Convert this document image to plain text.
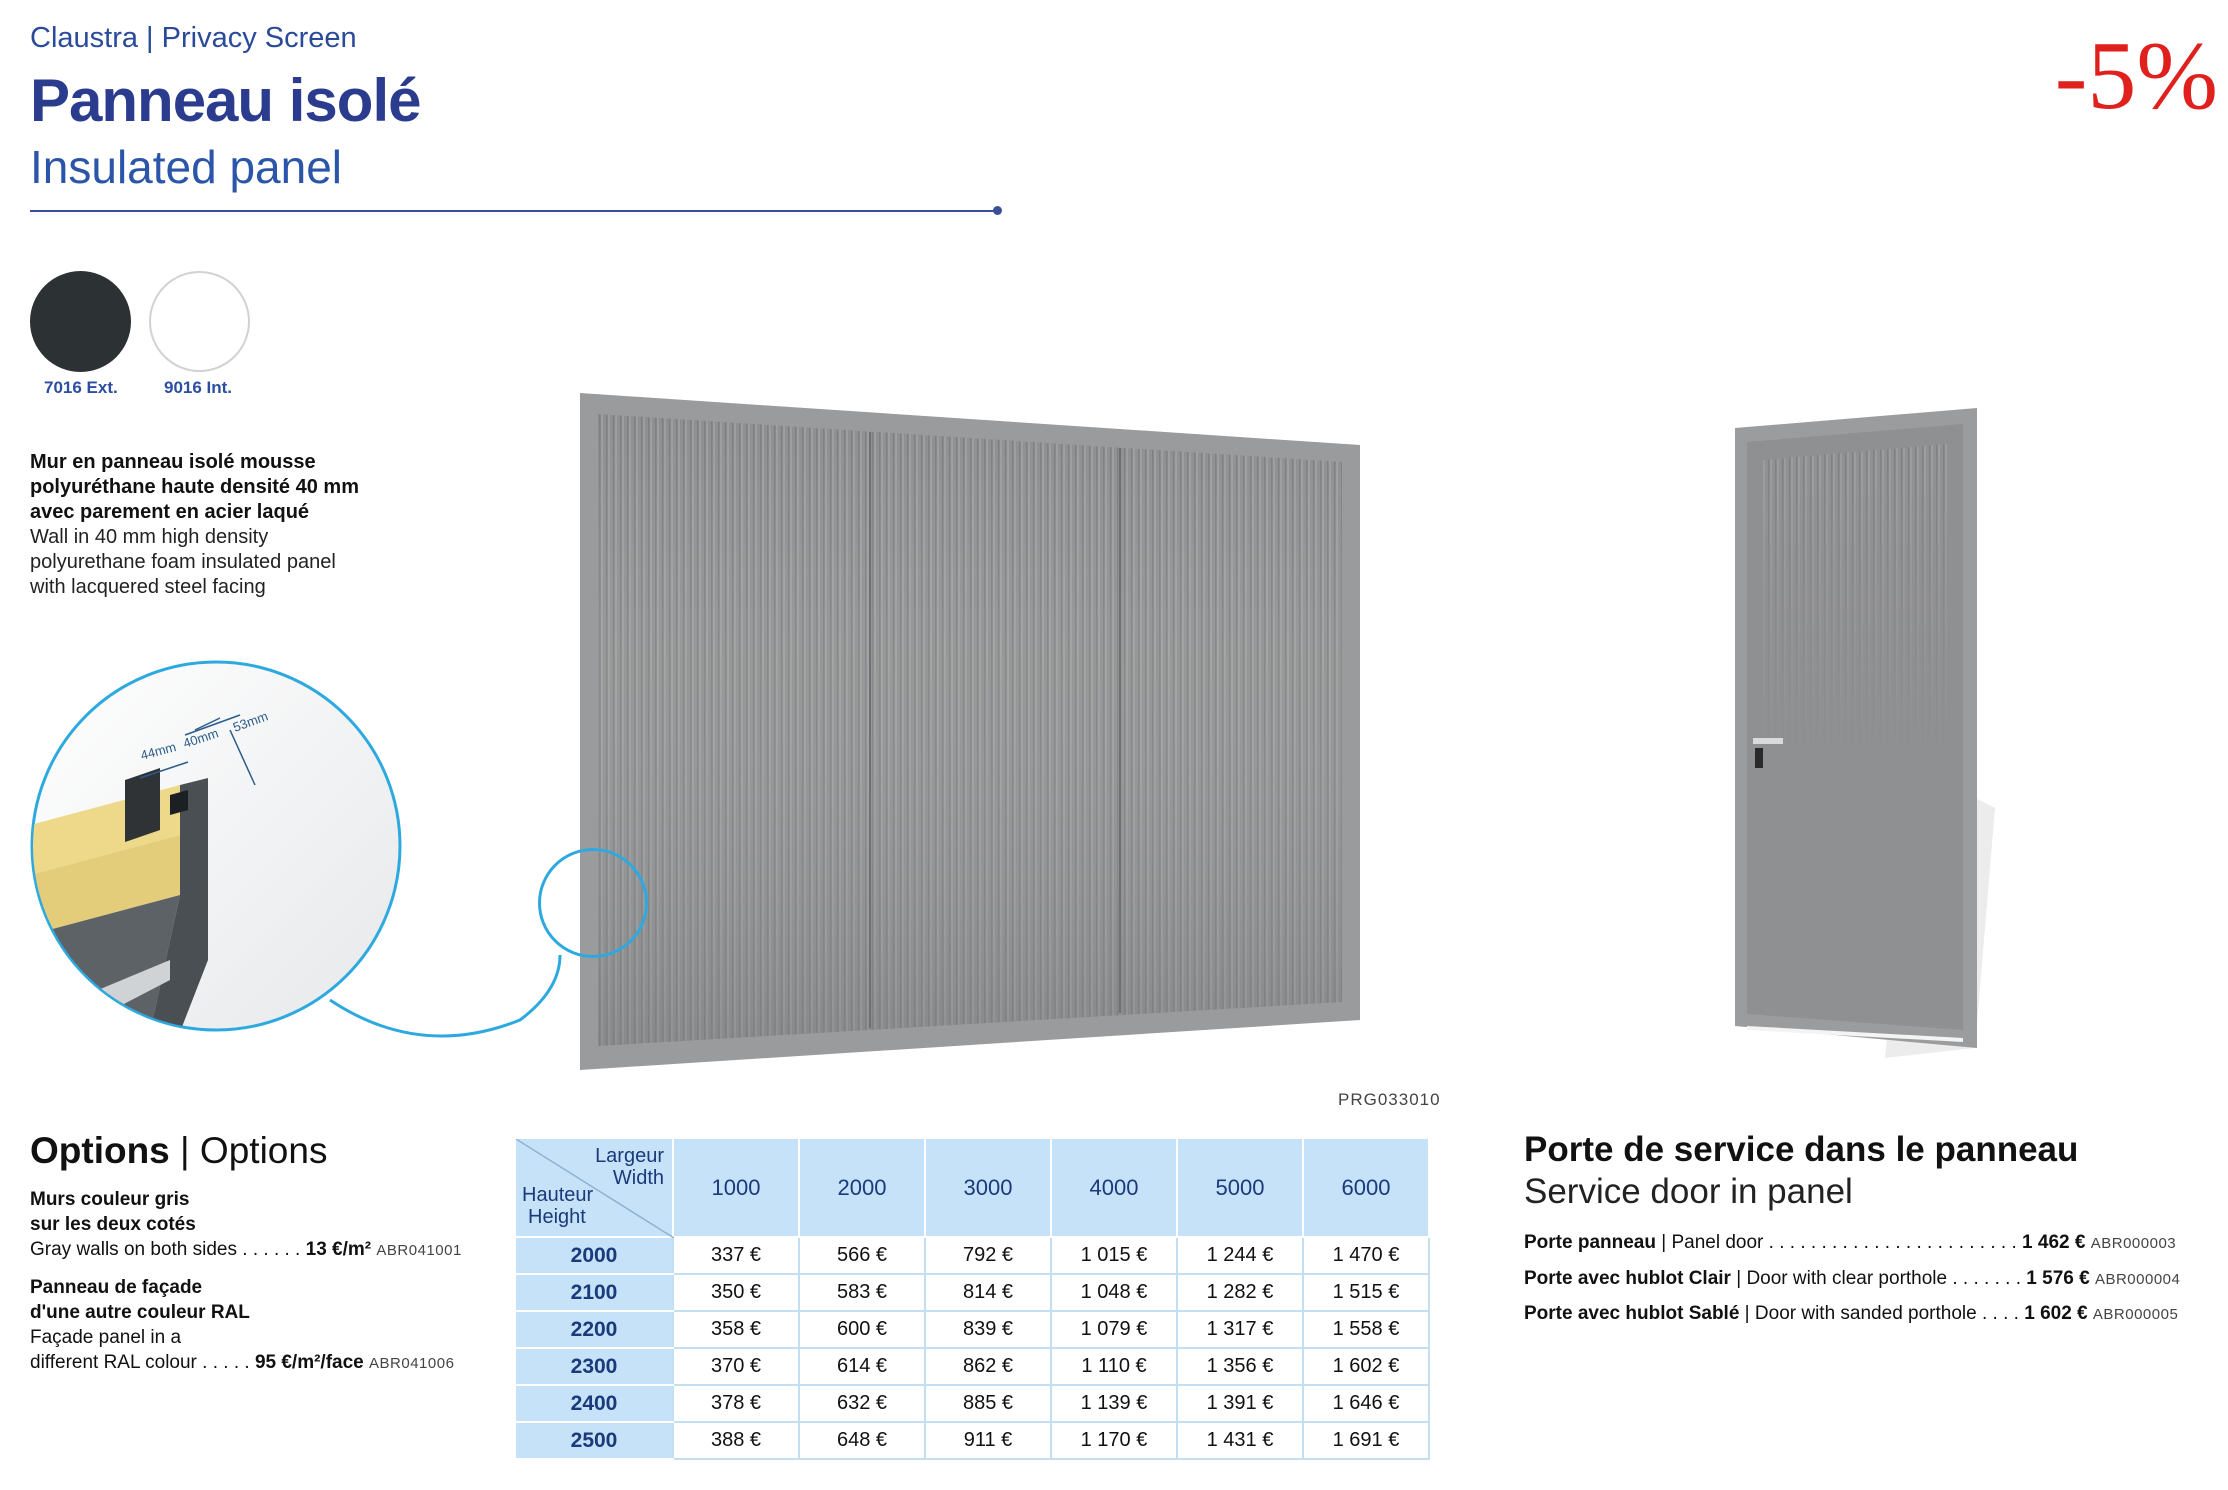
Claustra | Privacy Screen
Panneau isolé
Insulated panel
-5%
7016 Ext.	9016 Int.
Mur en panneau isolé mousse
polyuréthane haute densité 40 mm
avec parement en acier laqué
Wall in 40 mm high density
polyurethane foam insulated panel
with lacquered steel facing
44mm
40mm
53mm
PRG033010
Options | Options
Murs couleur gris
sur les deux cotés
Gray walls on both sides . . . . . . 13 €/m² ABR041001
Panneau de façade
d'une autre couleur RAL
Façade panel in a
different RAL colour . . . . . 95 €/m²/face ABR041006
Largeur
Width
Hauteur
Height	1000	2000	3000	4000	5000	6000
2000	337 €	566 €	792 €	1 015 €	1 244 €	1 470 €
2100	350 €	583 €	814 €	1 048 €	1 282 €	1 515 €
2200	358 €	600 €	839 €	1 079 €	1 317 €	1 558 €
2300	370 €	614 €	862 €	1 110 €	1 356 €	1 602 €
2400	378 €	632 €	885 €	1 139 €	1 391 €	1 646 €
2500	388 €	648 €	911 €	1 170 €	1 431 €	1 691 €
Porte de service dans le panneau
Service door in panel
Porte panneau | Panel door . . . . . . . . . . . . . . . . . . . . . . . . 1 462 € ABR000003
Porte avec hublot Clair | Door with clear porthole . . . . . . . 1 576 € ABR000004
Porte avec hublot Sablé | Door with sanded porthole . . . . 1 602 € ABR000005
